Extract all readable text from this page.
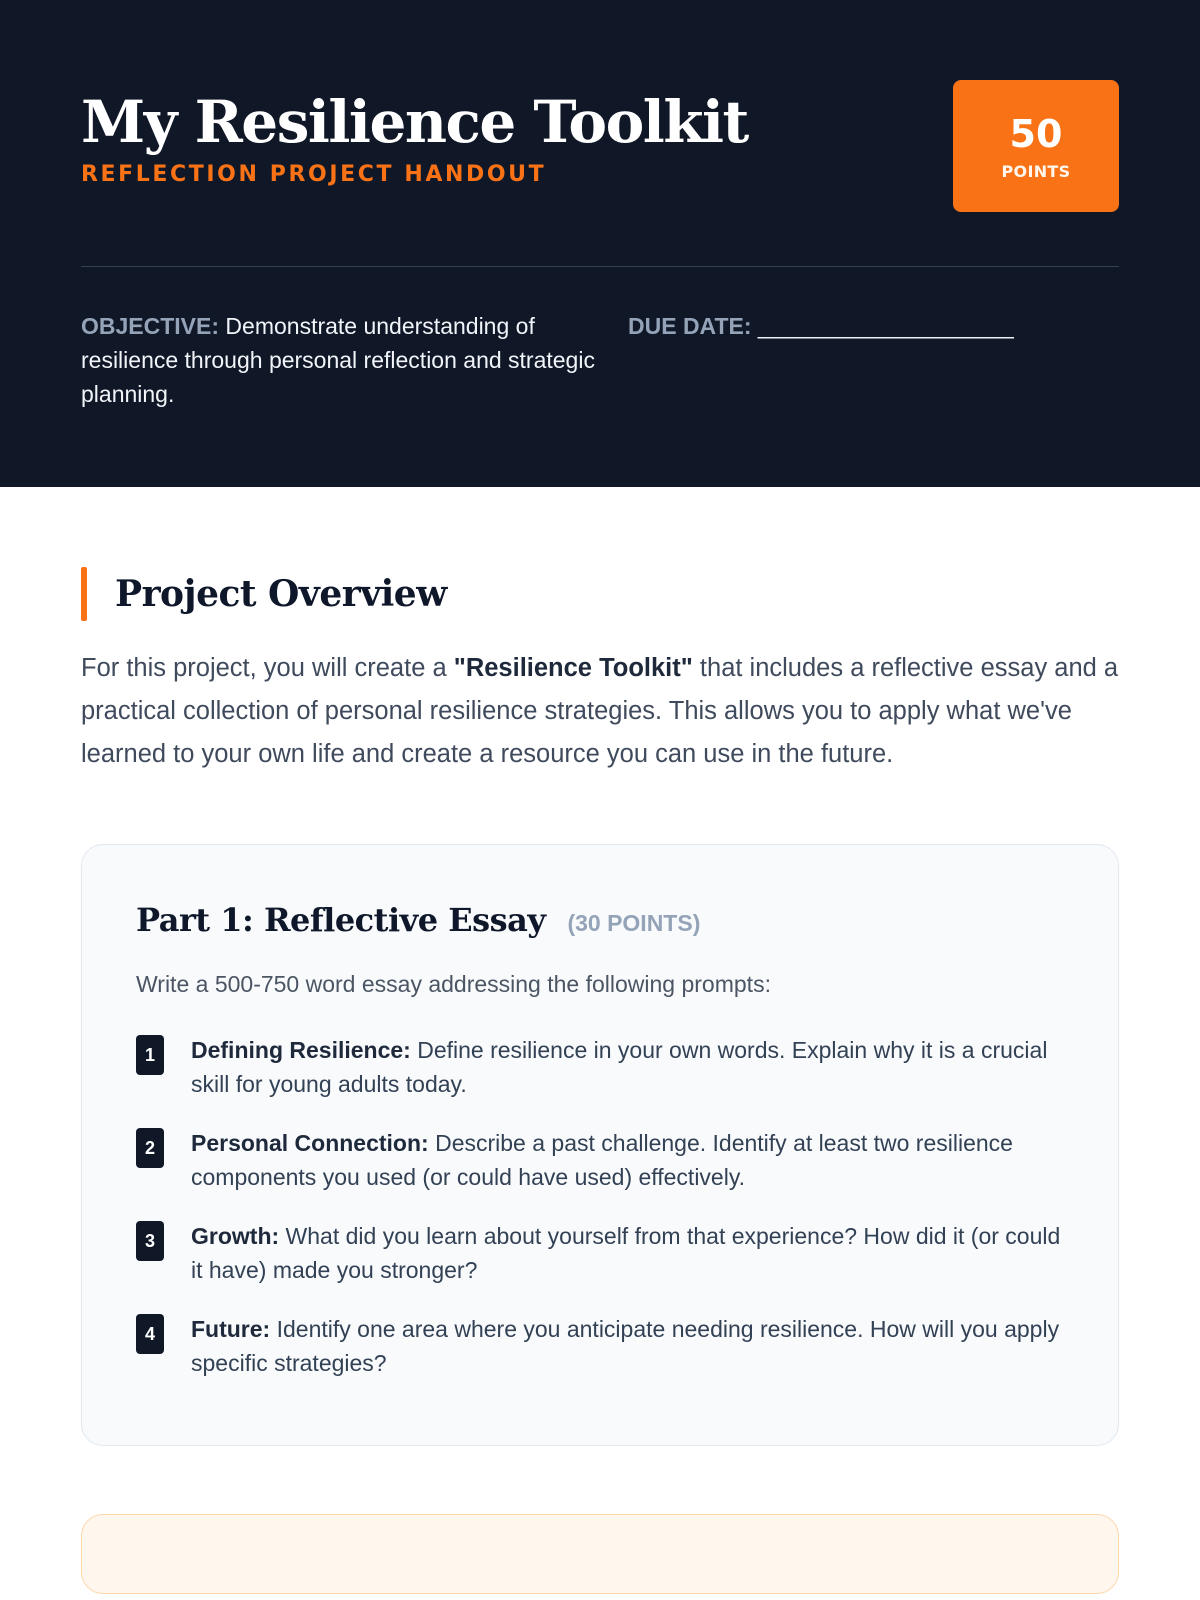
My Resilience Toolkit
REFLECTION PROJECT HANDOUT
50
POINTS
OBJECTIVE: Demonstrate understanding of resilience through personal reflection and strategic planning.
DUE DATE: ____________________
Project Overview

For this project, you will create a "Resilience Toolkit" that includes a reflective essay and a practical collection of personal resilience strategies. This allows you to apply what we've learned to your own life and create a resource you can use in the future.

Part 1: Reflective Essay (30 POINTS)

Write a 500-750 word essay addressing the following prompts:

1	Defining Resilience: Define resilience in your own words. Explain why it is a crucial skill for young adults today.
2	Personal Connection: Describe a past challenge. Identify at least two resilience components you used (or could have used) effectively.
3	Growth: What did you learn about yourself from that experience? How did it (or could it have) made you stronger?
4	Future: Identify one area where you anticipate needing resilience. How will you apply specific strategies?
